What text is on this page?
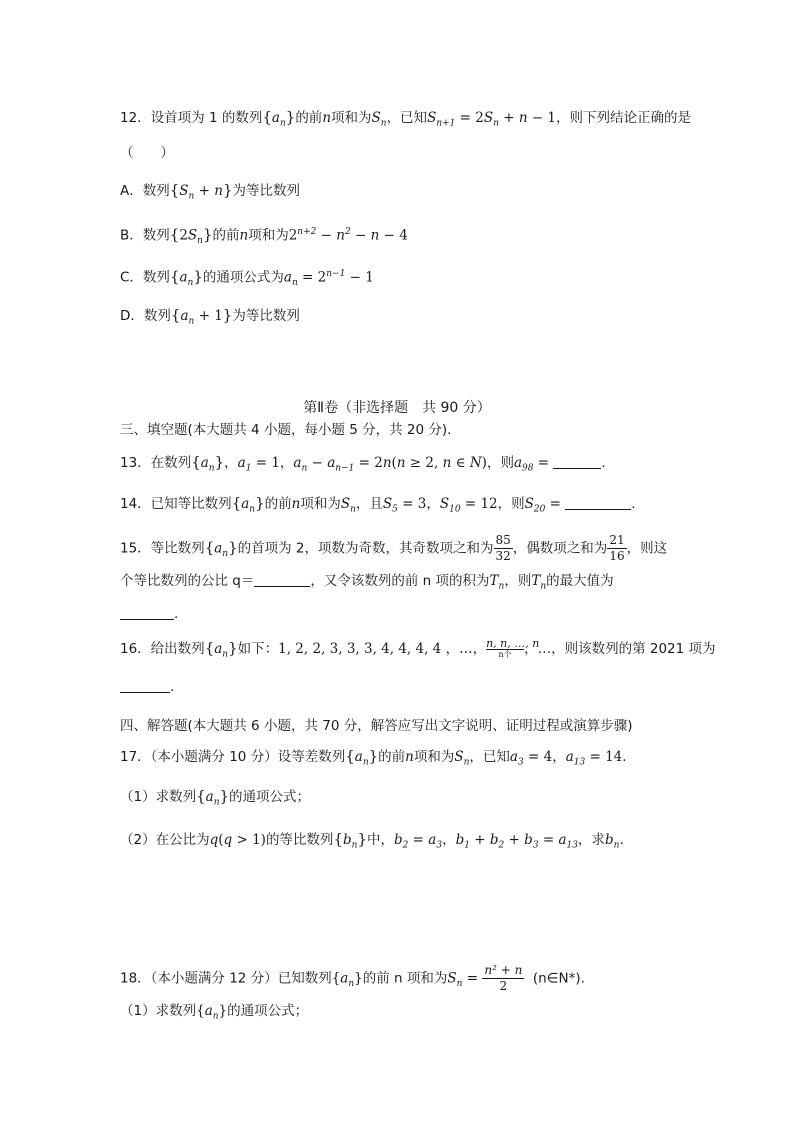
12．设首项为 1 的数列$\{a_n\}$的前n项和为$S_n$，已知$S_{n+1} = 2S_n + n - 1$，则下列结论正确的是
（　　）
A．数列$\{S_n + n\}$为等比数列
B．数列$\{2S_n\}$的前n项和为$2^{n+2} - n^2 - n - 4$
C．数列$\{a_n\}$的通项公式为$a_n = 2^{n-1} - 1$
D．数列$\{a_n + 1\}$为等比数列
第Ⅱ卷（非选择题　共 90 分）
三、填空题(本大题共 4 小题，每小题 5 分，共 20 分).
13．在数列$\{a_n\}$，$a_1 = 1$，$a_n - a_{n-1} = 2n(n \ge 2$, n ∈ N)，则$a_{98}$ =	.
14．已知等比数列$\{a_n\}$的前n项和为$S_n$，且$S_5 = 3$，$S_{10} = 12$，则$S_{20}$ =	.
15．等比数列$\{a_n\}$的首项为 2，项数为奇数，其奇数项之和为 $\frac{85}{32}$ ，偶数项之和为 $\frac{21}{16}$ ，则这
个等比数列的公比 q＝	，又令该数列的前 n 项的积为$T_n$，则$T_n$的最大值为
.
16．给出数列$\{a_n\}$如下：1, 2, 2, 3, 3, 3, 4, 4, 4, 4 ，…，n, n, …, n
n个 ，…，则该数列的第 2021 项为
.
四、解答题(本大题共 6 小题，共 70 分，解答应写出文字说明、证明过程或演算步骤)
17．（本小题满分 10 分）设等差数列$\{a_n\}$的前n项和为$S_n$，已知$a_3 = 4$，$a_{13} = 14$.
（1）求数列$\{a_n\}$的通项公式；
（2）在公比为q(q > 1)的等比数列$\{b_n\}$中，$b_2 = a_3$，$b_1 + b_2 + b_3 = a_{13}$，求$b_n$.
18．（本小题满分 12 分）已知数列$\{a_n\}$的前 n 项和为$S_n = \frac{\text{n² + n}}{2}$ (n∈N*).
（1）求数列$\{a_n\}$的通项公式；
